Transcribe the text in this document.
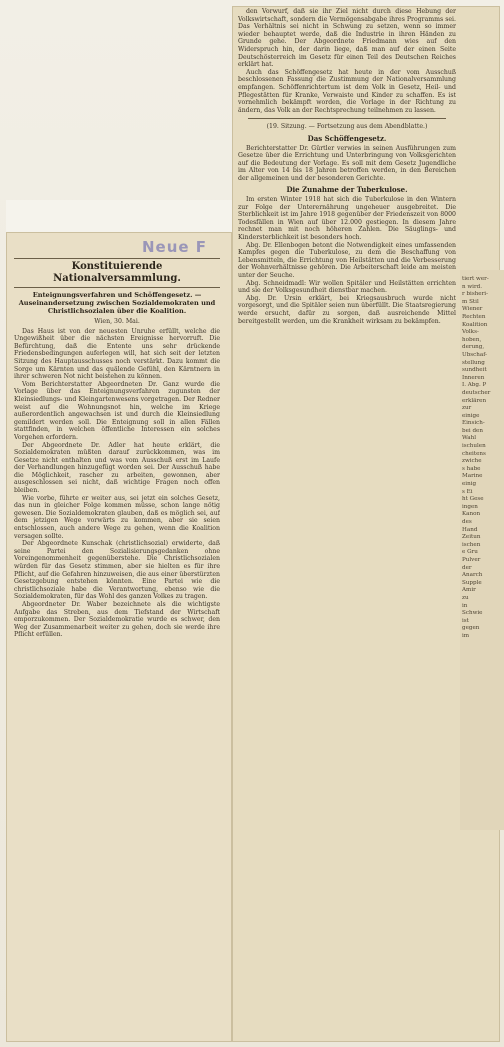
Neue F
Konstituierende Nationalversammlung.
Enteignungsverfahren und Schöffengesetz. — Auseinandersetzung zwischen Sozialdemokraten und Christlichsozialen über die Koalition.
Wien, 30. Mai.

Das Haus ist von der neuesten Unruhe erfüllt, welche die Ungewißheit über die nächsten Ereignisse hervorruft. Die Befürchtung, daß die Entente uns sehr drückende Friedensbedingungen auferlegen will, hat sich seit der letzten Sitzung des Hauptausschusses noch verstärkt. Dazu kommt die Sorge um Kärnten und das quälende Gefühl, den Kärntnern in ihrer schweren Not nicht beistehen zu können.

Vom Berichterstatter Abgeordneten Dr. Ganz wurde die Vorlage über das Enteignungsverfahren zugunsten der Kleinsiedlungs- und Kleingartenwesens vorgetragen. Der Redner weist auf die Wohnungsnot hin, welche im Kriege außerordentlich angewachsen ist und durch die Kleinsiedlung gemildert werden soll. Die Enteignung soll in allen Fällen stattfinden, in welchen öffentliche Interessen ein solches Vorgehen erfordern.

Der Abgeordnete Dr. Adler hat heute erklärt, die Sozialdemokraten müßten darauf zurückkommen, was im Gesetze nicht enthalten und was vom Ausschuß erst im Laufe der Verhandlungen hinzugefügt worden sei. Der Ausschuß habe die Möglichkeit, rascher zu arbeiten, gewonnen, aber ausgeschlossen sei nicht, daß wichtige Fragen noch offen bleiben.

Wie vorbe, führte er weiter aus, sei jetzt ein solches Gesetz, das nun in gleicher Folge kommen müsse, schon lange nötig gewesen. Die Sozialdemokraten glauben, daß es möglich sei, auf dem jetzigen Wege vorwärts zu kommen, aber sie seien entschlossen, auch andere Wege zu gehen, wenn die Koalition versagen sollte.

Der Abgeordnete Kunschak (christlichsozial) erwiderte, daß seine Partei den Sozialisierungsgedanken ohne Voreingenommenheit gegenüberstehe. Die Christlichsozialen würden für das Gesetz stimmen, aber sie hielten es für ihre Pflicht, auf die Gefahren hinzuweisen, die aus einer überstürzten Gesetzgebung entstehen könnten. Eine Partei wie die christlichsoziale habe die Verantwortung, ebenso wie die Sozialdemokraten, für das Wohl des ganzen Volkes zu tragen.

Abgeordneter Dr. Waber bezeichnete als die wichtigste Aufgabe das Streben, aus dem Tiefstand der Wirtschaft emporzukommen. Der Sozialdemokratie wurde es schwer, den Weg der Zusammenarbeit weiter zu gehen, doch sie werde ihre Pflicht erfüllen.

den Vorwurf, daß sie ihr Ziel nicht durch diese Hebung der Volkswirtschaft, sondern die Vermögensabgabe ihres Programms sei. Das Verhältnis sei nicht in Schwung zu setzen, wenn so immer wieder behauptet werde, daß die Industrie in ihren Händen zu Grunde gehe. Der Abgeordnete Friedmann wies auf den Widerspruch hin, der darin liege, daß man auf der einen Seite Deutschösterreich im Gesetz für einen Teil des Deutschen Reiches erklärt hat.

Auch das Schöffengesetz hat heute in der vom Ausschuß beschlossenen Fassung die Zustimmung der Nationalversammlung empfangen. Schöffenrichtertum ist dem Volk in Gesetz, Heil- und Pflegestätten für Kranke, Verwaiste und Kinder zu schaffen. Es ist vornehmlich bekämpft worden, die Vorlage in der Richtung zu ändern, das Volk an der Rechtsprechung teilnehmen zu lassen.

(19. Sitzung. — Fortsetzung aus dem Abendblatte.)
Das Schöffengesetz.

Berichterstatter Dr. Gürtler verwies in seinen Ausführungen zum Gesetze über die Errichtung und Unterbringung von Volksgerichten auf die Bedeutung der Vorlage. Es soll mit dem Gesetz Jugendliche im Alter von 14 bis 18 Jahren betroffen werden, in den Bereichen der allgemeinen und der besonderen Gerichte.

Die Zunahme der Tuberkulose.

Im ersten Winter 1918 hat sich die Tuberkulose in den Wintern zur Folge der Unterernährung ungeheuer ausgebreitet. Die Sterblichkeit ist im Jahre 1918 gegenüber der Friedenszeit von 8000 Todesfällen in Wien auf über 12.000 gestiegen. In diesem Jahre rechnet man mit noch höheren Zahlen. Die Säuglings- und Kindersterblichkeit ist besonders hoch.

Abg. Dr. Ellenbogen betont die Notwendigkeit eines umfassenden Kampfes gegen die Tuberkulose, zu dem die Beschaffung von Lebensmitteln, die Errichtung von Heilstätten und die Verbesserung der Wohnverhältnisse gehören. Die Arbeiterschaft leide am meisten unter der Seuche.

Abg. Schneidmadl: Wir wollen Spitäler und Heilstätten errichten und sie der Volksgesundheit dienstbar machen.

Abg. Dr. Ursin erklärt, bei Kriegsausbruch wurde nicht vorgesorgt, und die Spitäler seien nun überfüllt. Die Staatsregierung werde ersucht, dafür zu sorgen, daß ausreichende Mittel bereitgestellt werden, um die Krankheit wirksam zu bekämpfen.

tiert wer-
n wird.
r bisheri-
m Stil
Wiener
Rechten
Koalition
Volks-
hoben,
derung,
Ubschaf-
stellung
sundheit
Inneren
I. Abg. P
deutscher
erklären
zur
einige
Einsich-
bei den
Wahl
ischulen
cheitens
zwiche
s habe
Marine
einig
s Ei
ht Gese
ingen
Kanon
des
Hand
Zeitun
ischen
e Gru
Pulver
der
Anarch
Supple
Amir
zu
in
Schwie
ist
gegen
im
